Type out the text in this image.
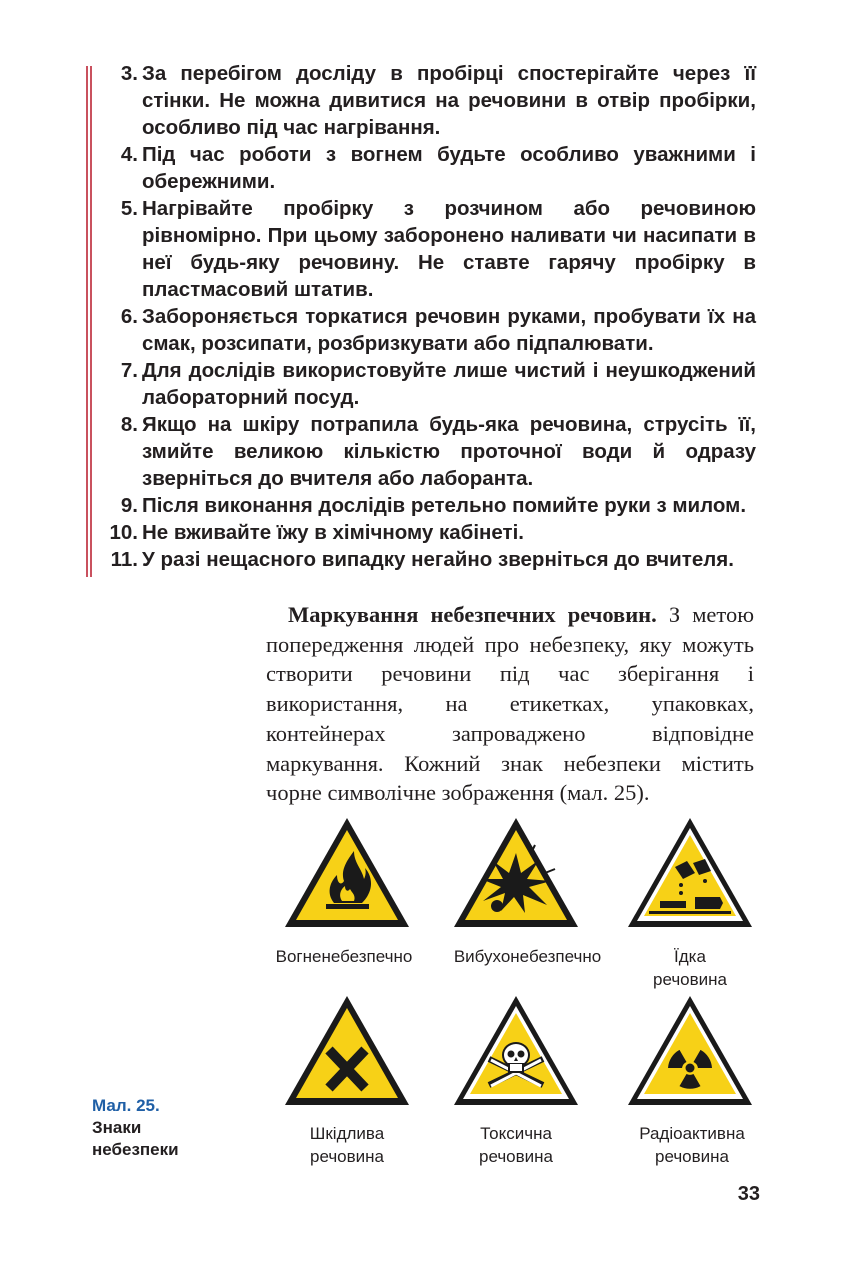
3. За перебігом досліду в пробірці спостерігайте через її стінки. Не можна дивитися на речовини в отвір пробірки, особливо під час нагрівання.
4. Під час роботи з вогнем будьте особливо уважними і обережними.
5. Нагрівайте пробірку з розчином або речовиною рівномірно. При цьому заборонено наливати чи насипати в неї будь-яку речовину. Не ставте гарячу пробірку в пластмасовий штатив.
6. Забороняється торкатися речовин руками, пробувати їх на смак, розсипати, розбризкувати або підпалювати.
7. Для дослідів використовуйте лише чистий і неушкоджений лабораторний посуд.
8. Якщо на шкіру потрапила будь-яка речовина, струсіть її, змийте великою кількістю проточної води й одразу зверніться до вчителя або лаборанта.
9. Після виконання дослідів ретельно помийте руки з милом.
10. Не вживайте їжу в хімічному кабінеті.
11. У разі нещасного випадку негайно зверніться до вчителя.

Маркування небезпечних речовин. З метою попередження людей про небезпеку, яку можуть створити речовини під час зберігання і використання, на етикетках, упаковках, контейнерах запроваджено відповідне маркування. Кожний знак небезпеки містить чорне символічне зображення (мал. 25).

Вогненебезпечно	Вибухонебезпечно	Їдка
речовина
Шкідлива
речовина
Токсична
речовина
Радіоактивна
речовина
Мал. 25.
Знаки
небезпеки
33
